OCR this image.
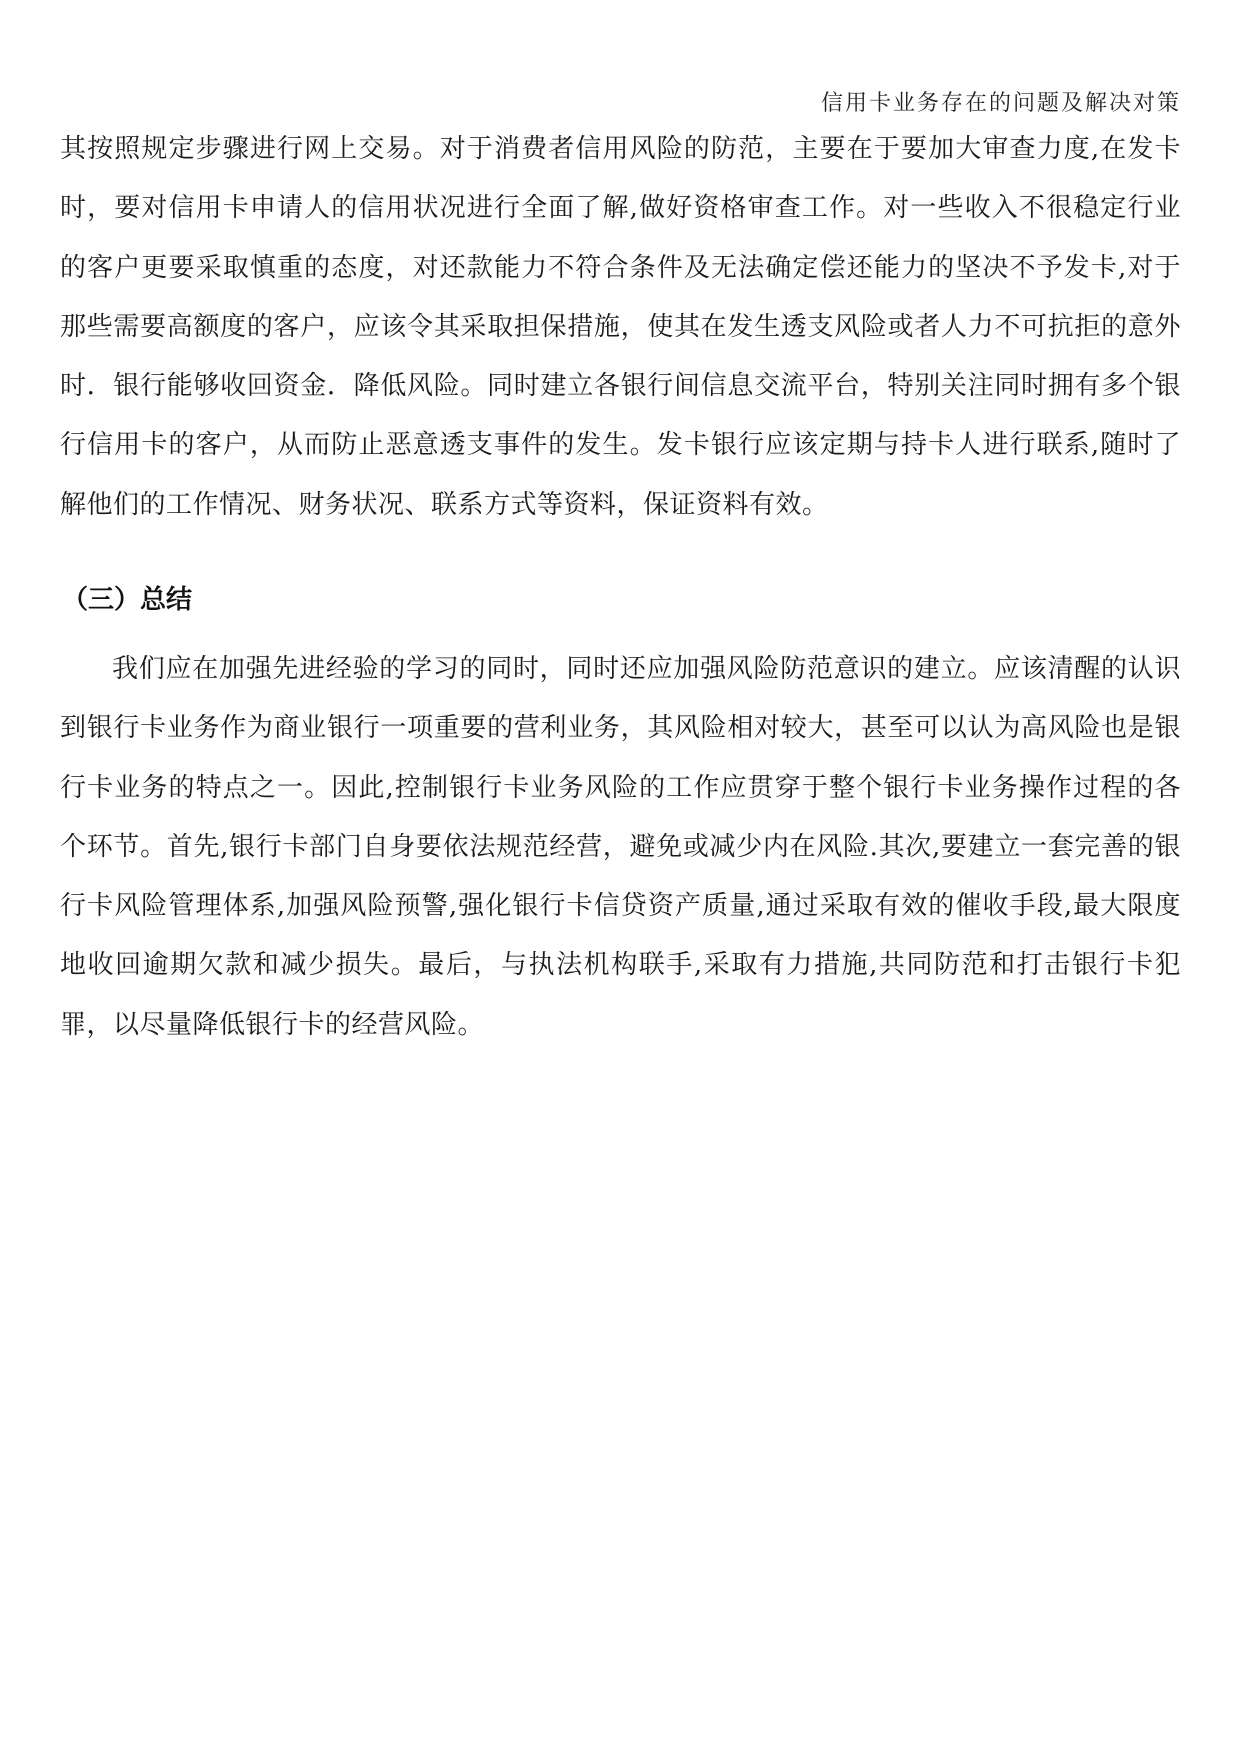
信用卡业务存在的问题及解决对策

其按照规定步骤进行网上交易。对于消费者信用风险的防范，主要在于要加大审查力度,在发卡时，要对信用卡申请人的信用状况进行全面了解,做好资格审查工作。对一些收入不很稳定行业的客户更要采取慎重的态度，对还款能力不符合条件及无法确定偿还能力的坚决不予发卡,对于那些需要高额度的客户，应该令其采取担保措施，使其在发生透支风险或者人力不可抗拒的意外时．银行能够收回资金．降低风险。同时建立各银行间信息交流平台，特别关注同时拥有多个银行信用卡的客户，从而防止恶意透支事件的发生。发卡银行应该定期与持卡人进行联系,随时了解他们的工作情况、财务状况、联系方式等资料，保证资料有效。

（三）总结

我们应在加强先进经验的学习的同时，同时还应加强风险防范意识的建立。应该清醒的认识到银行卡业务作为商业银行一项重要的营利业务，其风险相对较大，甚至可以认为高风险也是银行卡业务的特点之一。因此,控制银行卡业务风险的工作应贯穿于整个银行卡业务操作过程的各个环节。首先,银行卡部门自身要依法规范经营，避免或减少内在风险.其次,要建立一套完善的银行卡风险管理体系,加强风险预警,强化银行卡信贷资产质量,通过采取有效的催收手段,最大限度地收回逾期欠款和减少损失。最后，与执法机构联手,采取有力措施,共同防范和打击银行卡犯罪，以尽量降低银行卡的经营风险。
